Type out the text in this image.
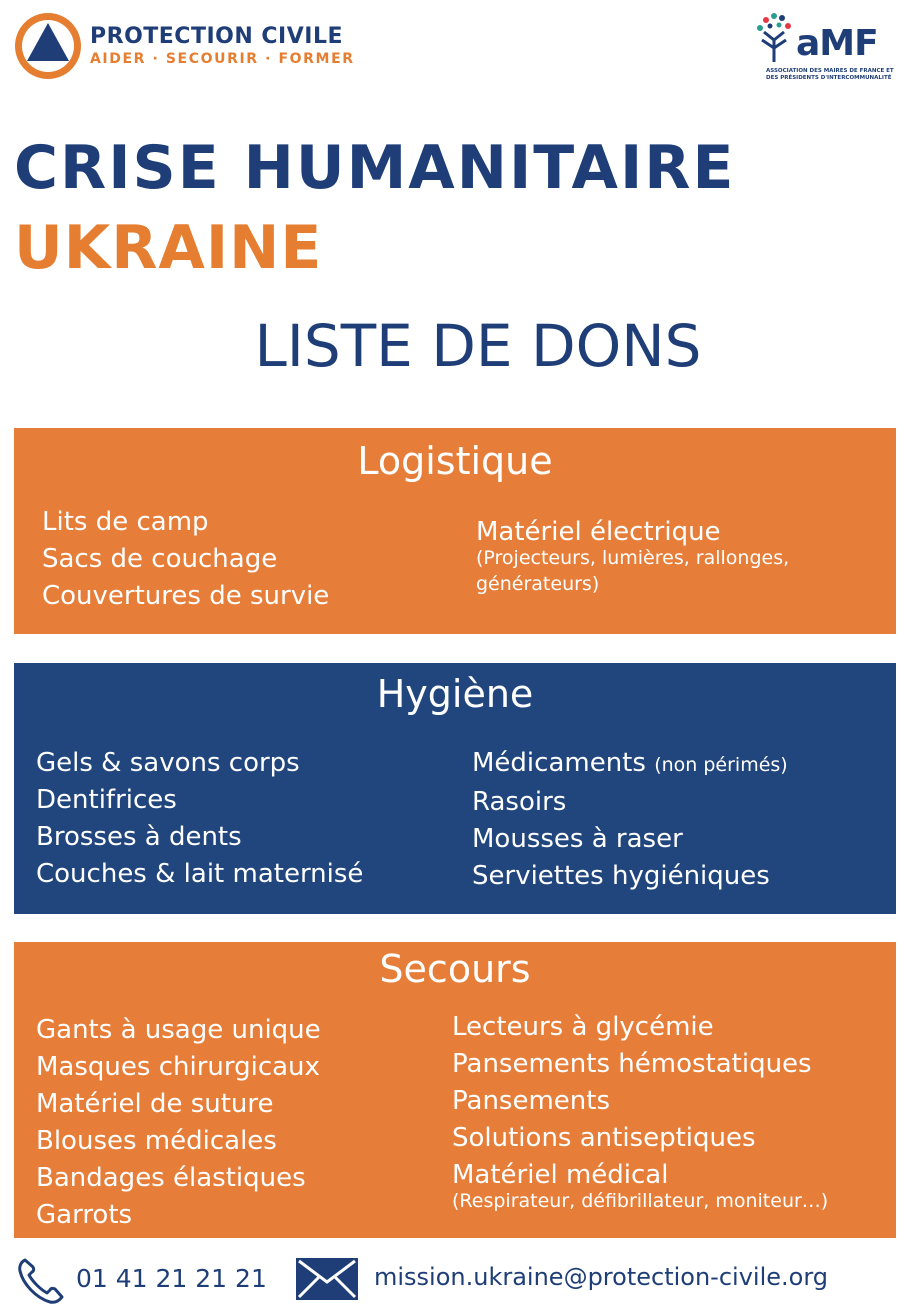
PROTECTION CIVILE
AIDER · SECOURIR · FORMER	aMF
ASSOCIATION DES MAIRES DE FRANCE ET DES PRÉSIDENTS D'INTERCOMMUNALITÉ
CRISE HUMANITAIRE
UKRAINE
LISTE DE DONS
Logistique
Lits de camp
Sacs de couchage
Couvertures de survie
Matériel électrique
(Projecteurs, lumières, rallonges,
générateurs)
Hygiène
Gels & savons corps
Dentifrices
Brosses à dents
Couches & lait maternisé
Médicaments (non périmés)
Rasoirs
Mousses à raser
Serviettes hygiéniques
Secours
Gants à usage unique
Masques chirurgicaux
Matériel de suture
Blouses médicales
Bandages élastiques
Garrots
Lecteurs à glycémie
Pansements hémostatiques
Pansements
Solutions antiseptiques
Matériel médical
(Respirateur, défibrillateur, moniteur…)
01 41 21 21 21	mission.ukraine@protection-civile.org
